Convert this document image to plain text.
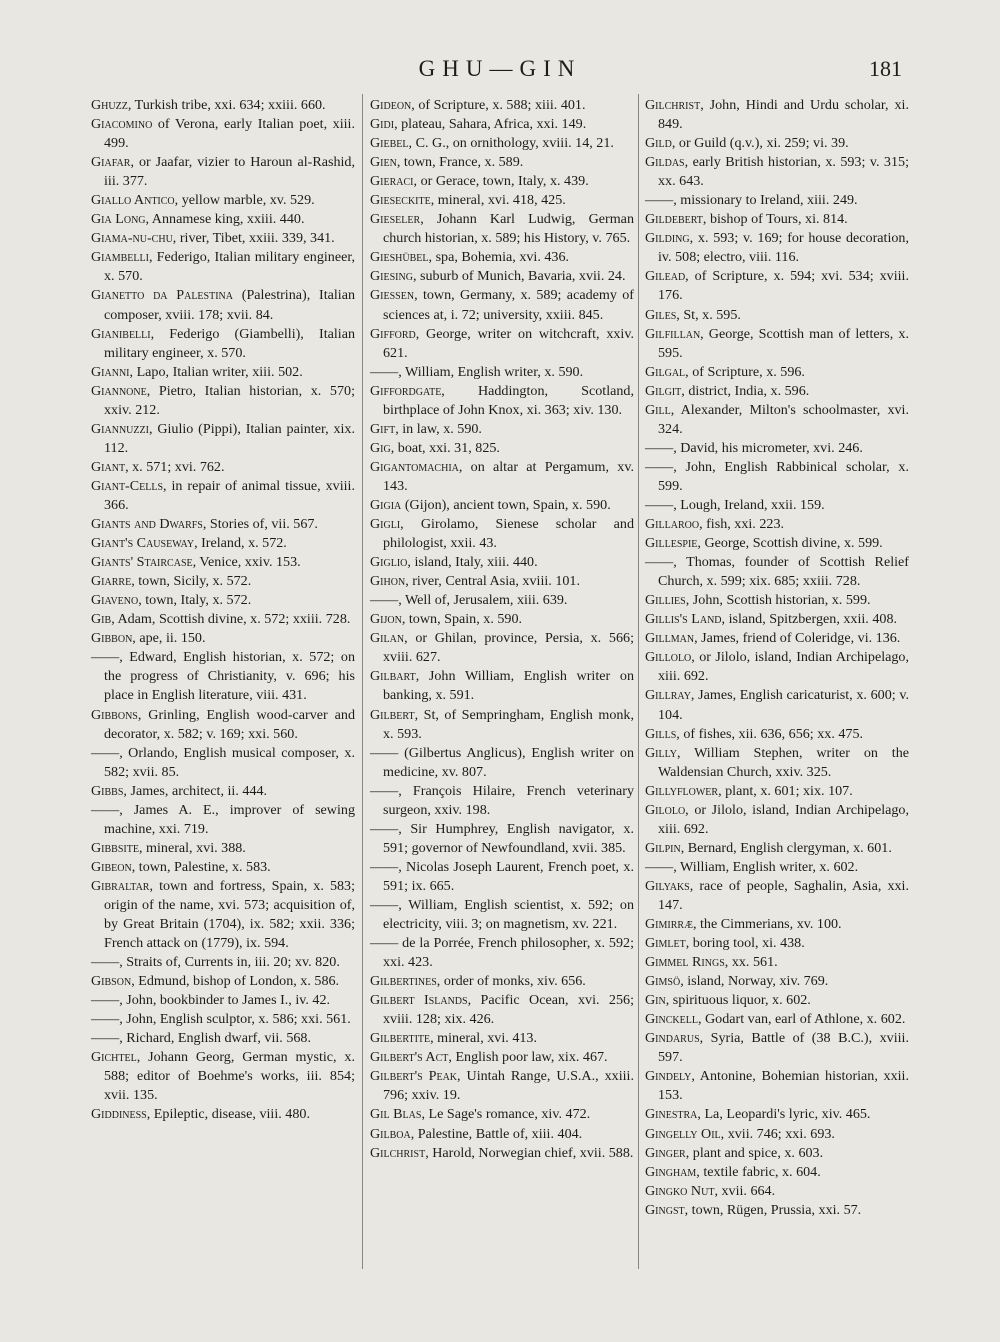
GHU—GIN	181
Ghuzz, Turkish tribe, xxi. 634; xxiii. 660.
Giacomino of Verona, early Italian poet, xiii. 499.
Giafar, or Jaafar, vizier to Haroun al-Rashid, iii. 377.
Giallo Antico, yellow marble, xv. 529.
Gia Long, Annamese king, xxiii. 440.
Giama-nu-chu, river, Tibet, xxiii. 339, 341.
Giambelli, Federigo, Italian military engineer, x. 570.
Gianetto da Palestina (Palestrina), Italian composer, xviii. 178; xvii. 84.
Gianibelli, Federigo (Giambelli), Italian military engineer, x. 570.
Gianni, Lapo, Italian writer, xiii. 502.
Giannone, Pietro, Italian historian, x. 570; xxiv. 212.
Giannuzzi, Giulio (Pippi), Italian painter, xix. 112.
Giant, x. 571; xvi. 762.
Giant-Cells, in repair of animal tissue, xviii. 366.
Giants and Dwarfs, Stories of, vii. 567.
Giant's Causeway, Ireland, x. 572.
Giants' Staircase, Venice, xxiv. 153.
Giarre, town, Sicily, x. 572.
Giaveno, town, Italy, x. 572.
Gib, Adam, Scottish divine, x. 572; xxiii. 728.
Gibbon, ape, ii. 150.
——, Edward, English historian, x. 572; on the progress of Christianity, v. 696; his place in English literature, viii. 431.
Gibbons, Grinling, English wood-carver and decorator, x. 582; v. 169; xxi. 560.
——, Orlando, English musical composer, x. 582; xvii. 85.
Gibbs, James, architect, ii. 444.
——, James A. E., improver of sewing machine, xxi. 719.
Gibbsite, mineral, xvi. 388.
Gibeon, town, Palestine, x. 583.
Gibraltar, town and fortress, Spain, x. 583; origin of the name, xvi. 573; acquisition of, by Great Britain (1704), ix. 582; xxii. 336; French attack on (1779), ix. 594.
——, Straits of, Currents in, iii. 20; xv. 820.
Gibson, Edmund, bishop of London, x. 586.
——, John, bookbinder to James I., iv. 42.
——, John, English sculptor, x. 586; xxi. 561.
——, Richard, English dwarf, vii. 568.
Gichtel, Johann Georg, German mystic, x. 588; editor of Boehme's works, iii. 854; xvii. 135.
Giddiness, Epileptic, disease, viii. 480.
Gideon, of Scripture, x. 588; xiii. 401.
Gidi, plateau, Sahara, Africa, xxi. 149.
Giebel, C. G., on ornithology, xviii. 14, 21.
Gien, town, France, x. 589.
Gieraci, or Gerace, town, Italy, x. 439.
Gieseckite, mineral, xvi. 418, 425.
Gieseler, Johann Karl Ludwig, German church historian, x. 589; his History, v. 765.
Gieshübel, spa, Bohemia, xvi. 436.
Giesing, suburb of Munich, Bavaria, xvii. 24.
Giessen, town, Germany, x. 589; academy of sciences at, i. 72; university, xxiii. 845.
Gifford, George, writer on witchcraft, xxiv. 621.
——, William, English writer, x. 590.
Giffordgate, Haddington, Scotland, birthplace of John Knox, xi. 363; xiv. 130.
Gift, in law, x. 590.
Gig, boat, xxi. 31, 825.
Gigantomachia, on altar at Pergamum, xv. 143.
Gigia (Gijon), ancient town, Spain, x. 590.
Gigli, Girolamo, Sienese scholar and philologist, xxii. 43.
Giglio, island, Italy, xiii. 440.
Gihon, river, Central Asia, xviii. 101.
——, Well of, Jerusalem, xiii. 639.
Gijon, town, Spain, x. 590.
Gilan, or Ghilan, province, Persia, x. 566; xviii. 627.
Gilbart, John William, English writer on banking, x. 591.
Gilbert, St, of Sempringham, English monk, x. 593.
—— (Gilbertus Anglicus), English writer on medicine, xv. 807.
——, François Hilaire, French veterinary surgeon, xxiv. 198.
——, Sir Humphrey, English navigator, x. 591; governor of Newfoundland, xvii. 385.
——, Nicolas Joseph Laurent, French poet, x. 591; ix. 665.
——, William, English scientist, x. 592; on electricity, viii. 3; on magnetism, xv. 221.
—— de la Porrée, French philosopher, x. 592; xxi. 423.
Gilbertines, order of monks, xiv. 656.
Gilbert Islands, Pacific Ocean, xvi. 256; xviii. 128; xix. 426.
Gilbertite, mineral, xvi. 413.
Gilbert's Act, English poor law, xix. 467.
Gilbert's Peak, Uintah Range, U.S.A., xxiii. 796; xxiv. 19.
Gil Blas, Le Sage's romance, xiv. 472.
Gilboa, Palestine, Battle of, xiii. 404.
Gilchrist, Harold, Norwegian chief, xvii. 588.
Gilchrist, John, Hindi and Urdu scholar, xi. 849.
Gild, or Guild (q.v.), xi. 259; vi. 39.
Gildas, early British historian, x. 593; v. 315; xx. 643.
——, missionary to Ireland, xiii. 249.
Gildebert, bishop of Tours, xi. 814.
Gilding, x. 593; v. 169; for house decoration, iv. 508; electro, viii. 116.
Gilead, of Scripture, x. 594; xvi. 534; xviii. 176.
Giles, St, x. 595.
Gilfillan, George, Scottish man of letters, x. 595.
Gilgal, of Scripture, x. 596.
Gilgit, district, India, x. 596.
Gill, Alexander, Milton's schoolmaster, xvi. 324.
——, David, his micrometer, xvi. 246.
——, John, English Rabbinical scholar, x. 599.
——, Lough, Ireland, xxii. 159.
Gillaroo, fish, xxi. 223.
Gillespie, George, Scottish divine, x. 599.
——, Thomas, founder of Scottish Relief Church, x. 599; xix. 685; xxiii. 728.
Gillies, John, Scottish historian, x. 599.
Gillis's Land, island, Spitzbergen, xxii. 408.
Gillman, James, friend of Coleridge, vi. 136.
Gillolo, or Jilolo, island, Indian Archipelago, xiii. 692.
Gillray, James, English caricaturist, x. 600; v. 104.
Gills, of fishes, xii. 636, 656; xx. 475.
Gilly, William Stephen, writer on the Waldensian Church, xxiv. 325.
Gillyflower, plant, x. 601; xix. 107.
Gilolo, or Jilolo, island, Indian Archipelago, xiii. 692.
Gilpin, Bernard, English clergyman, x. 601.
——, William, English writer, x. 602.
Gilyaks, race of people, Saghalin, Asia, xxi. 147.
Gimirræ, the Cimmerians, xv. 100.
Gimlet, boring tool, xi. 438.
Gimmel Rings, xx. 561.
Gimsö, island, Norway, xiv. 769.
Gin, spirituous liquor, x. 602.
Ginckell, Godart van, earl of Athlone, x. 602.
Gindarus, Syria, Battle of (38 B.C.), xviii. 597.
Gindely, Antonine, Bohemian historian, xxii. 153.
Ginestra, La, Leopardi's lyric, xiv. 465.
Gingelly Oil, xvii. 746; xxi. 693.
Ginger, plant and spice, x. 603.
Gingham, textile fabric, x. 604.
Gingko Nut, xvii. 664.
Gingst, town, Rügen, Prussia, xxi. 57.
